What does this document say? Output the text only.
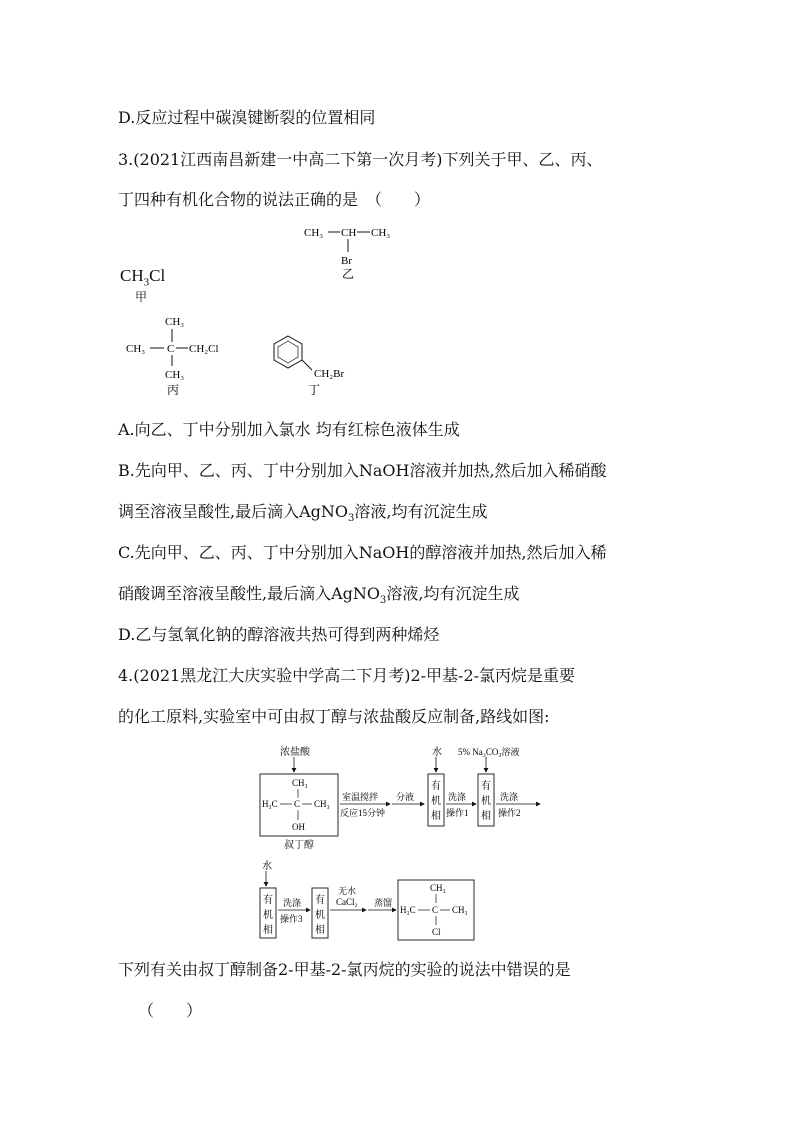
D.反应过程中碳溴键断裂的位置相同
3.(2021江西南昌新建一中高二下第一次月考)下列关于甲、乙、丙、
丁四种有机化合物的说法正确的是　（　　）
CH₃ CH CH₃
Br
乙
$CH_3Cl$
甲
CH₃
CH₃ C CH₂Cl
CH₃
丙
CH₂Br
丁
A.向乙、丁中分别加入氯水 均有红棕色液体生成
B.先向甲、乙、丙、丁中分别加入NaOH溶液并加热,然后加入稀硝酸
调至溶液呈酸性,最后滴入AgNO$_3$溶液,均有沉淀生成
C.先向甲、乙、丙、丁中分别加入NaOH的醇溶液并加热,然后加入稀
硝酸调至溶液呈酸性,最后滴入AgNO$_3$溶液,均有沉淀生成
D.乙与氢氧化钠的醇溶液共热可得到两种烯烃
4.(2021黑龙江大庆实验中学高二下月考)2-甲基-2-氯丙烷是重要
的化工原料,实验室中可由叔丁醇与浓盐酸反应制备,路线如图:
浓盐酸
CH₃
H₃C C CH₃
OH
叔丁醇
室温搅拌
反应15分钟
分液
水
有
机
相
洗涤
操作1
5% Na₂CO₃溶液
有
机
相
洗涤
操作2
水
有
机
相
洗涤
操作3
有
机
相
无水
CaCl₂ 蒸馏
CH₃
H₃C C CH₃
Cl
下列有关由叔丁醇制备2-甲基-2-氯丙烷的实验的说法中错误的是
（　　）
